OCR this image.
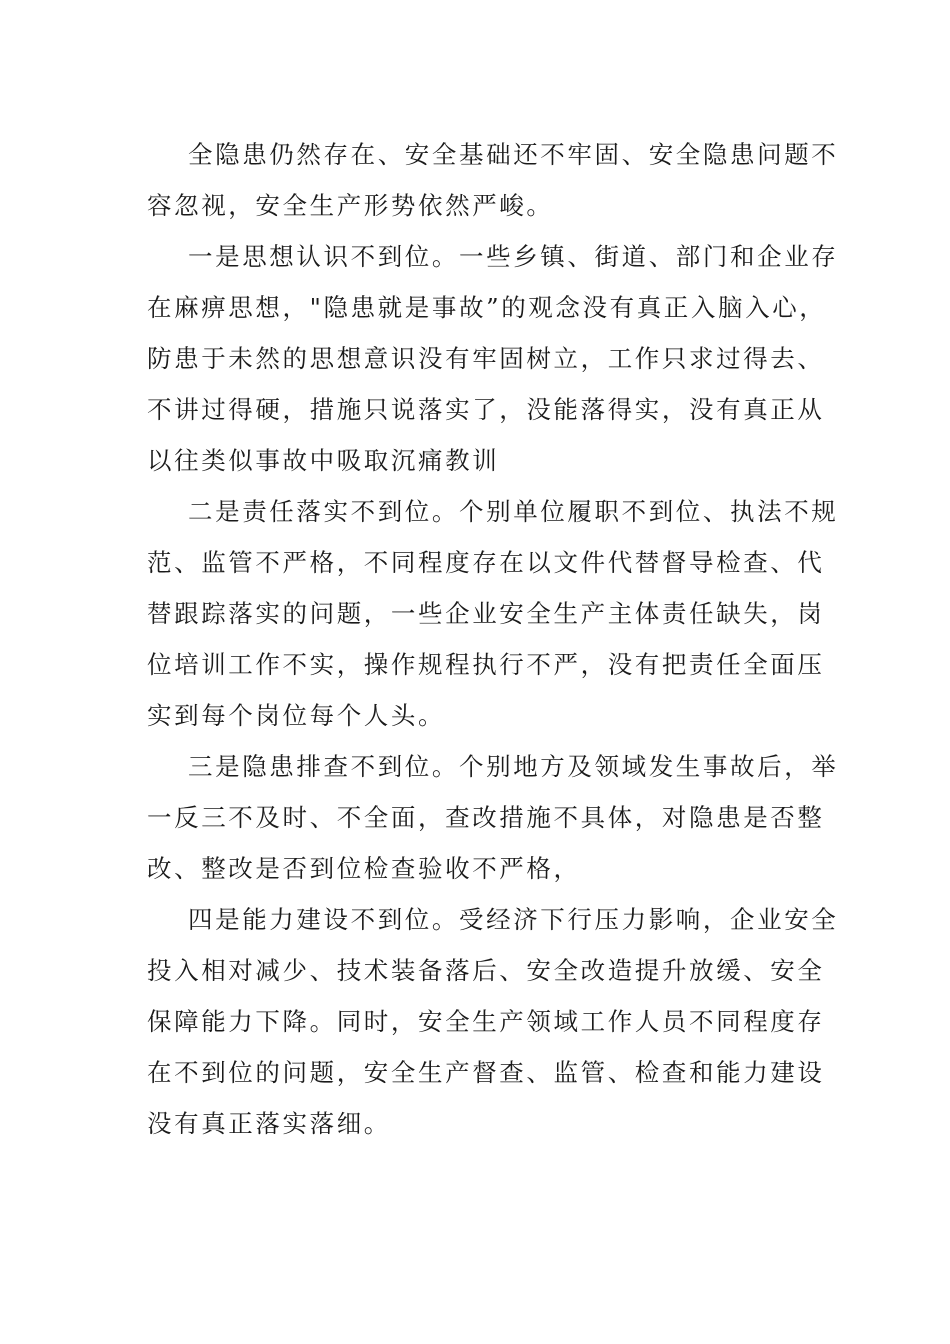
全隐患仍然存在、安全基础还不牢固、安全隐患问题不
容忽视，安全生产形势依然严峻。
一是思想认识不到位。一些乡镇、街道、部门和企业存
在麻痹思想，"隐患就是事故”的观念没有真正入脑入心，
防患于未然的思想意识没有牢固树立，工作只求过得去、
不讲过得硬，措施只说落实了，没能落得实，没有真正从
以往类似事故中吸取沉痛教训
二是责任落实不到位。个别单位履职不到位、执法不规
范、监管不严格，不同程度存在以文件代替督导检查、代
替跟踪落实的问题，一些企业安全生产主体责任缺失，岗
位培训工作不实，操作规程执行不严，没有把责任全面压
实到每个岗位每个人头。
三是隐患排查不到位。个别地方及领域发生事故后，举
一反三不及时、不全面，查改措施不具体，对隐患是否整
改、整改是否到位检查验收不严格，
四是能力建设不到位。受经济下行压力影响，企业安全
投入相对减少、技术装备落后、安全改造提升放缓、安全
保障能力下降。同时，安全生产领域工作人员不同程度存
在不到位的问题，安全生产督查、监管、检查和能力建设
没有真正落实落细。
